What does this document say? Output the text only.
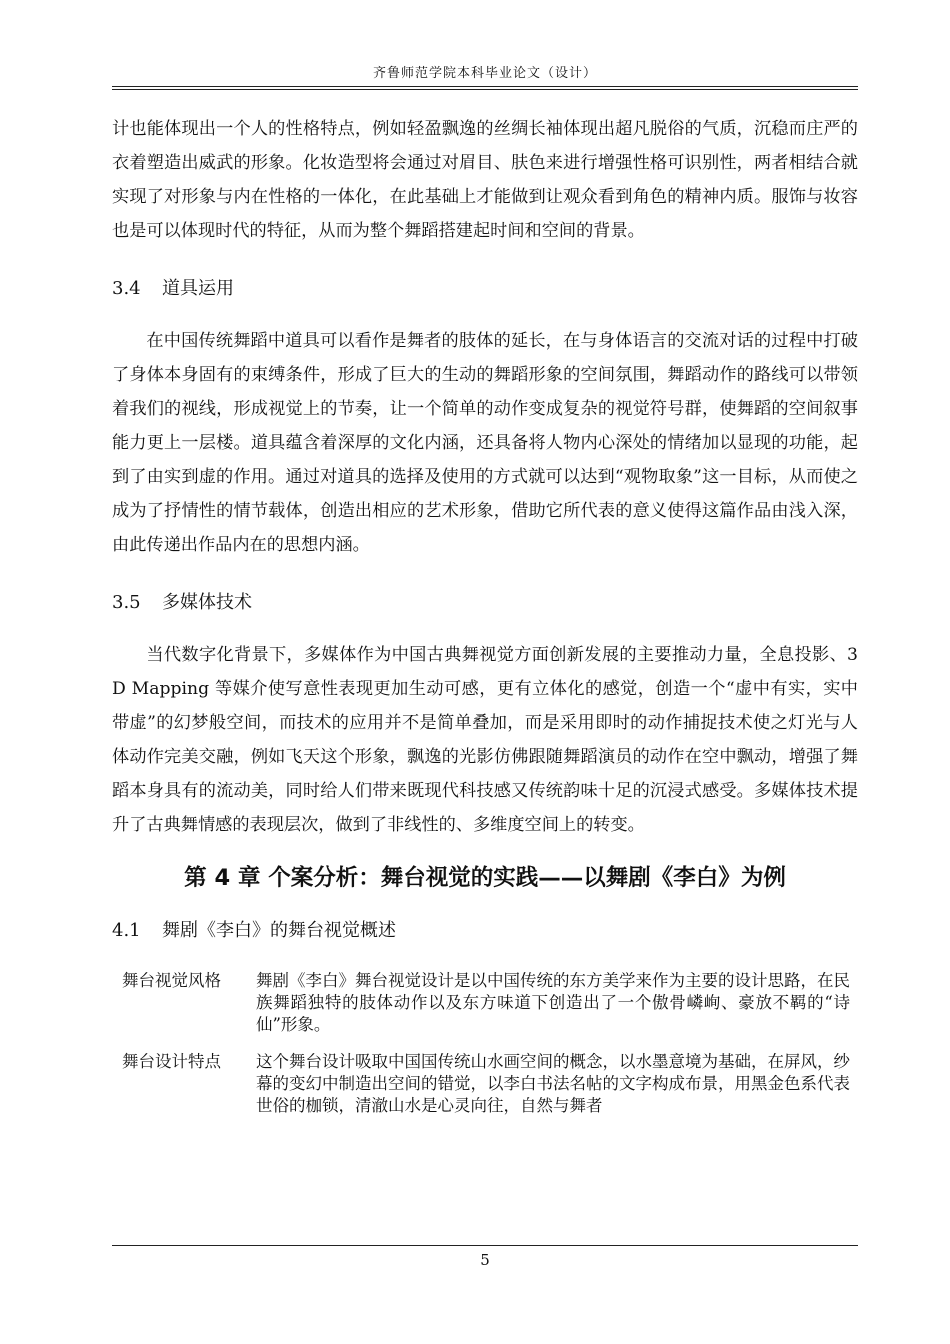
齐鲁师范学院本科毕业论文（设计）

计也能体现出一个人的性格特点，例如轻盈飘逸的丝绸长袖体现出超凡脱俗的气质，沉稳而庄严的衣着塑造出威武的形象。化妆造型将会通过对眉目、肤色来进行增强性格可识别性，两者相结合就实现了对形象与内在性格的一体化，在此基础上才能做到让观众看到角色的精神内质。服饰与妆容也是可以体现时代的特征，从而为整个舞蹈搭建起时间和空间的背景。

3.4 道具运用

在中国传统舞蹈中道具可以看作是舞者的肢体的延长，在与身体语言的交流对话的过程中打破了身体本身固有的束缚条件，形成了巨大的生动的舞蹈形象的空间氛围，舞蹈动作的路线可以带领着我们的视线，形成视觉上的节奏，让一个简单的动作变成复杂的视觉符号群，使舞蹈的空间叙事能力更上一层楼。道具蕴含着深厚的文化内涵，还具备将人物内心深处的情绪加以显现的功能，起到了由实到虚的作用。通过对道具的选择及使用的方式就可以达到“观物取象”这一目标，从而使之成为了抒情性的情节载体，创造出相应的艺术形象，借助它所代表的意义使得这篇作品由浅入深，由此传递出作品内在的思想内涵。

3.5 多媒体技术

当代数字化背景下，多媒体作为中国古典舞视觉方面创新发展的主要推动力量，全息投影、3D Mapping 等媒介使写意性表现更加生动可感，更有立体化的感觉，创造一个“虚中有实，实中带虚”的幻梦般空间，而技术的应用并不是简单叠加，而是采用即时的动作捕捉技术使之灯光与人体动作完美交融，例如飞天这个形象，飘逸的光影仿佛跟随舞蹈演员的动作在空中飘动，增强了舞蹈本身具有的流动美，同时给人们带来既现代科技感又传统韵味十足的沉浸式感受。多媒体技术提升了古典舞情感的表现层次，做到了非线性的、多维度空间上的转变。

第 4 章 个案分析：舞台视觉的实践——以舞剧《李白》为例
4.1 舞剧《李白》的舞台视觉概述
舞台视觉风格	舞剧《李白》舞台视觉设计是以中国传统的东方美学来作为主要的设计思路，在民族舞蹈独特的肢体动作以及东方味道下创造出了一个傲骨嶙峋、豪放不羁的“诗仙”形象。
舞台设计特点	这个舞台设计吸取中国国传统山水画空间的概念，以水墨意境为基础，在屏风，纱幕的变幻中制造出空间的错觉，以李白书法名帖的文字构成布景，用黑金色系代表世俗的枷锁，清澈山水是心灵向往，自然与舞者
5
